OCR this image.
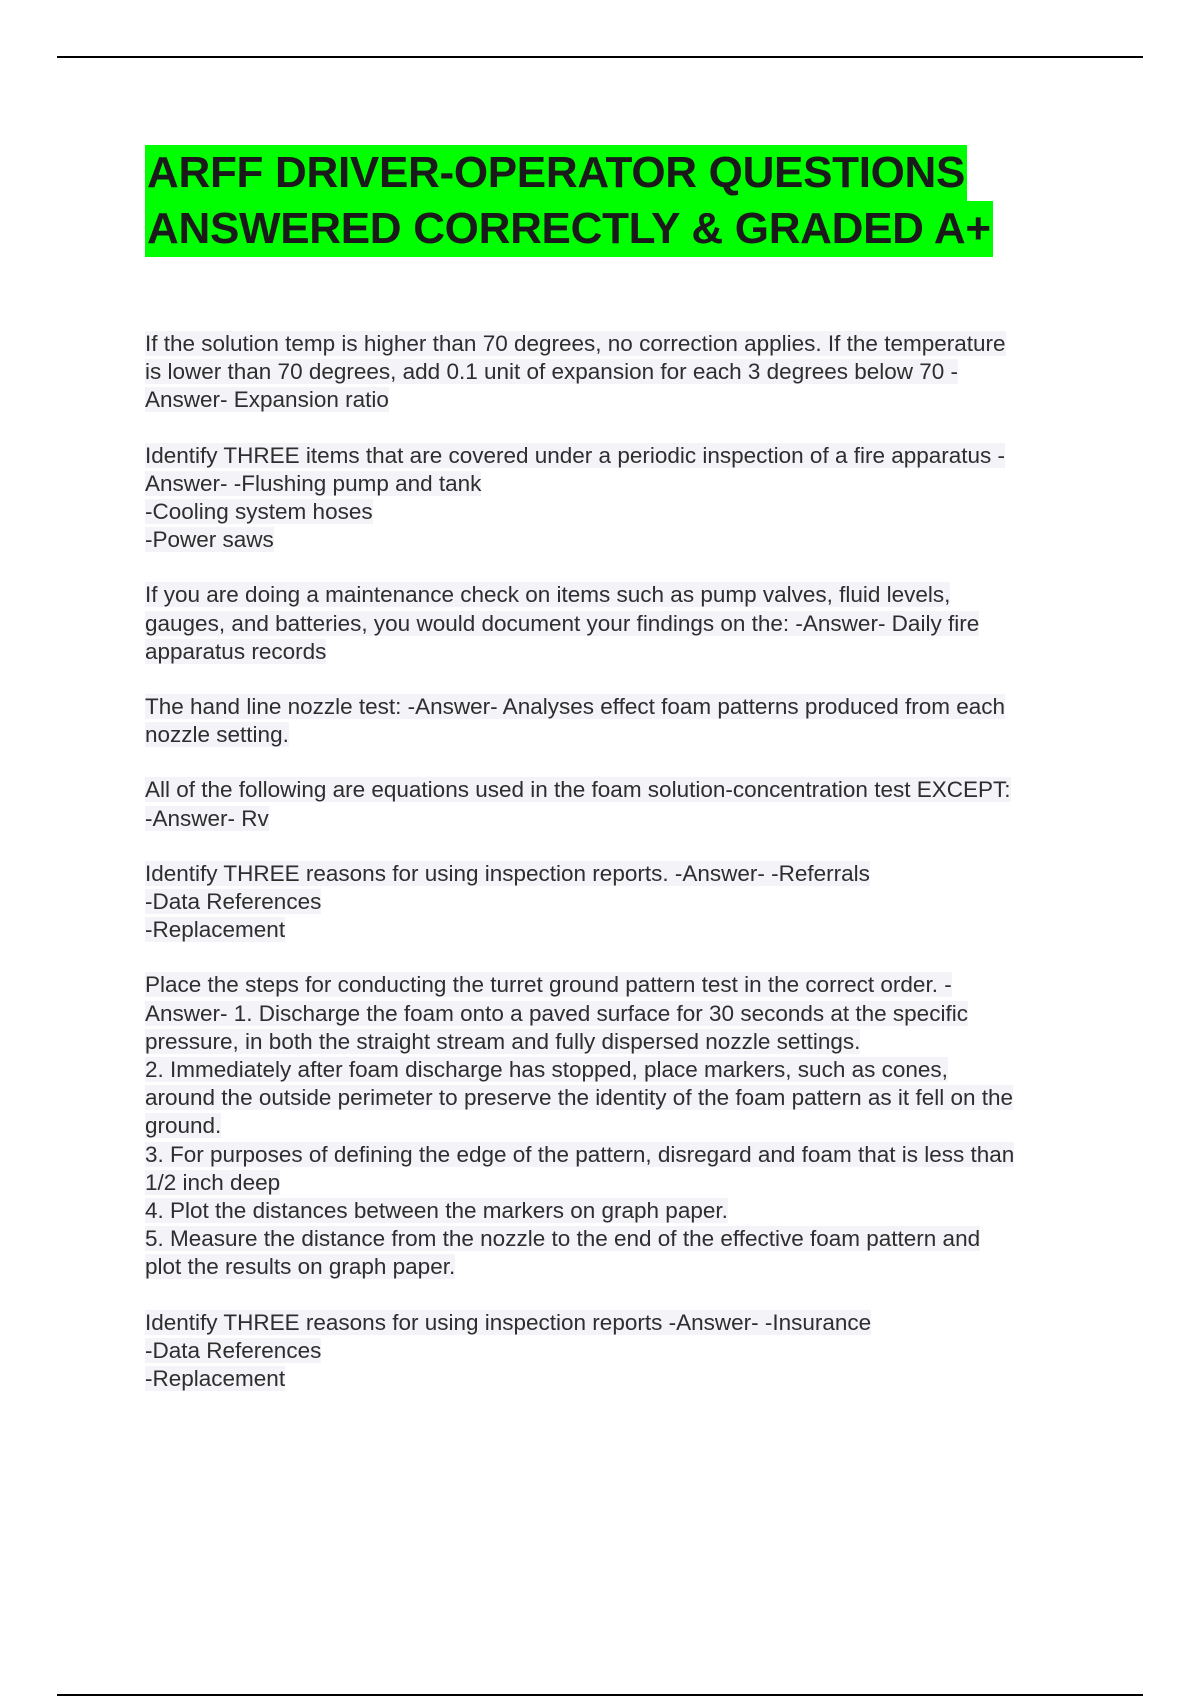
ARFF DRIVER-OPERATOR QUESTIONS
ANSWERED CORRECTLY & GRADED A+

If the solution temp is higher than 70 degrees, no correction applies. If the temperature
is lower than 70 degrees, add 0.1 unit of expansion for each 3 degrees below 70 -
Answer- Expansion ratio

Identify THREE items that are covered under a periodic inspection of a fire apparatus -
Answer- -Flushing pump and tank
-Cooling system hoses
-Power saws

If you are doing a maintenance check on items such as pump valves, fluid levels,
gauges, and batteries, you would document your findings on the: -Answer- Daily fire
apparatus records

The hand line nozzle test: -Answer- Analyses effect foam patterns produced from each
nozzle setting.

All of the following are equations used in the foam solution-concentration test EXCEPT:
-Answer- Rv

Identify THREE reasons for using inspection reports. -Answer- -Referrals
-Data References
-Replacement

Place the steps for conducting the turret ground pattern test in the correct order. -
Answer- 1. Discharge the foam onto a paved surface for 30 seconds at the specific
pressure, in both the straight stream and fully dispersed nozzle settings.
2. Immediately after foam discharge has stopped, place markers, such as cones,
around the outside perimeter to preserve the identity of the foam pattern as it fell on the
ground.
3. For purposes of defining the edge of the pattern, disregard and foam that is less than
1/2 inch deep
4. Plot the distances between the markers on graph paper.
5. Measure the distance from the nozzle to the end of the effective foam pattern and
plot the results on graph paper.

Identify THREE reasons for using inspection reports -Answer- -Insurance
-Data References
-Replacement
